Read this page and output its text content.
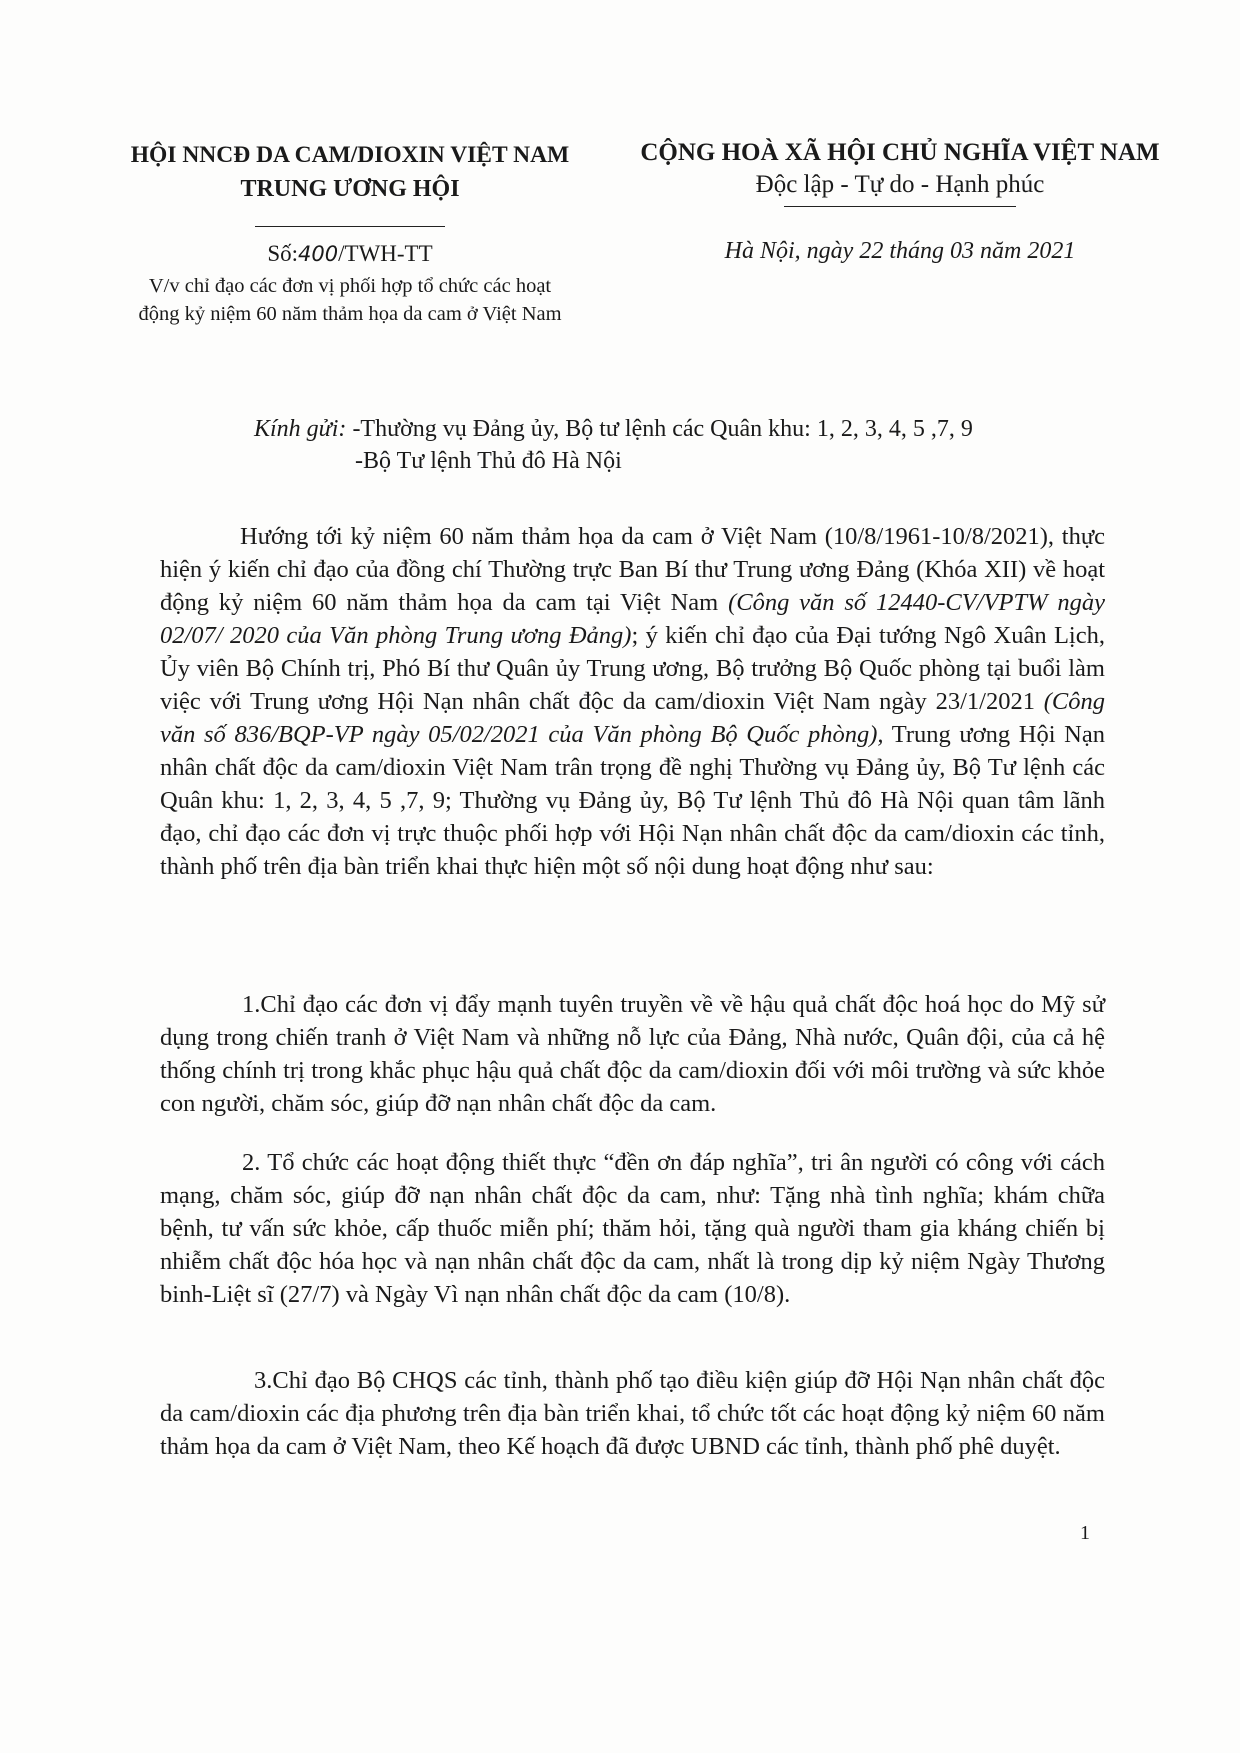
HỘI NNCĐ DA CAM/DIOXIN VIỆT NAM
TRUNG ƯƠNG HỘI
CỘNG HOÀ XÃ HỘI CHỦ NGHĨA VIỆT NAM
Độc lập - Tự do - Hạnh phúc
Số:400/TWH-TT
V/v chỉ đạo các đơn vị phối hợp tổ chức các hoạt
động kỷ niệm 60 năm thảm họa da cam ở Việt Nam
Hà Nội, ngày 22 tháng 03 năm 2021
Kính gửi: -Thường vụ Đảng ủy, Bộ tư lệnh các Quân khu: 1, 2, 3, 4, 5 ,7, 9
-Bộ Tư lệnh Thủ đô Hà Nội

Hướng tới kỷ niệm 60 năm thảm họa da cam ở Việt Nam (10/8/1961-10/8/2021), thực hiện ý kiến chỉ đạo của đồng chí Thường trực Ban Bí thư Trung ương Đảng (Khóa XII) về hoạt động kỷ niệm 60 năm thảm họa da cam tại Việt Nam (Công văn số 12440-CV/VPTW ngày 02/07/ 2020 của Văn phòng Trung ương Đảng); ý kiến chỉ đạo của Đại tướng Ngô Xuân Lịch, Ủy viên Bộ Chính trị, Phó Bí thư Quân ủy Trung ương, Bộ trưởng Bộ Quốc phòng tại buổi làm việc với Trung ương Hội Nạn nhân chất độc da cam/dioxin Việt Nam ngày 23/1/2021 (Công văn số 836/BQP-VP ngày 05/02/2021 của Văn phòng Bộ Quốc phòng), Trung ương Hội Nạn nhân chất độc da cam/dioxin Việt Nam trân trọng đề nghị Thường vụ Đảng ủy, Bộ Tư lệnh các Quân khu: 1, 2, 3, 4, 5 ,7, 9; Thường vụ Đảng ủy, Bộ Tư lệnh Thủ đô Hà Nội quan tâm lãnh đạo, chỉ đạo các đơn vị trực thuộc phối hợp với Hội Nạn nhân chất độc da cam/dioxin các tỉnh, thành phố trên địa bàn triển khai thực hiện một số nội dung hoạt động như sau:

1.Chỉ đạo các đơn vị đẩy mạnh tuyên truyền về về hậu quả chất độc hoá học do Mỹ sử dụng trong chiến tranh ở Việt Nam và những nỗ lực của Đảng, Nhà nước, Quân đội, của cả hệ thống chính trị trong khắc phục hậu quả chất độc da cam/dioxin đối với môi trường và sức khỏe con người, chăm sóc, giúp đỡ nạn nhân chất độc da cam.

2. Tổ chức các hoạt động thiết thực “đền ơn đáp nghĩa”, tri ân người có công với cách mạng, chăm sóc, giúp đỡ nạn nhân chất độc da cam, như: Tặng nhà tình nghĩa; khám chữa bệnh, tư vấn sức khỏe, cấp thuốc miễn phí; thăm hỏi, tặng quà người tham gia kháng chiến bị nhiễm chất độc hóa học và nạn nhân chất độc da cam, nhất là trong dịp kỷ niệm Ngày Thương binh-Liệt sĩ (27/7) và Ngày Vì nạn nhân chất độc da cam (10/8).

3.Chỉ đạo Bộ CHQS các tỉnh, thành phố tạo điều kiện giúp đỡ Hội Nạn nhân chất độc da cam/dioxin các địa phương trên địa bàn triển khai, tổ chức tốt các hoạt động kỷ niệm 60 năm thảm họa da cam ở Việt Nam, theo Kế hoạch đã được UBND các tỉnh, thành phố phê duyệt.

1
